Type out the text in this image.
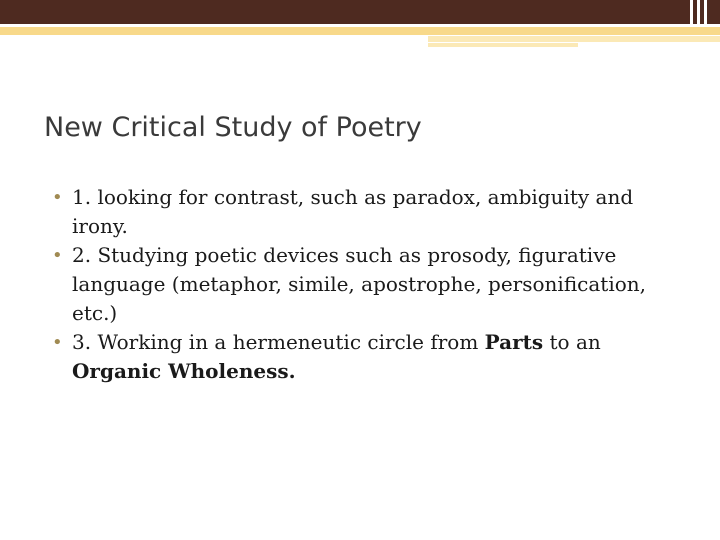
New Critical Study of Poetry
• 1. looking for contrast, such as paradox, ambiguity and irony.
• 2. Studying poetic devices such as prosody, figurative language (metaphor, simile, apostrophe, personification, etc.)
• 3. Working in a hermeneutic circle from Parts to an Organic Wholeness.
